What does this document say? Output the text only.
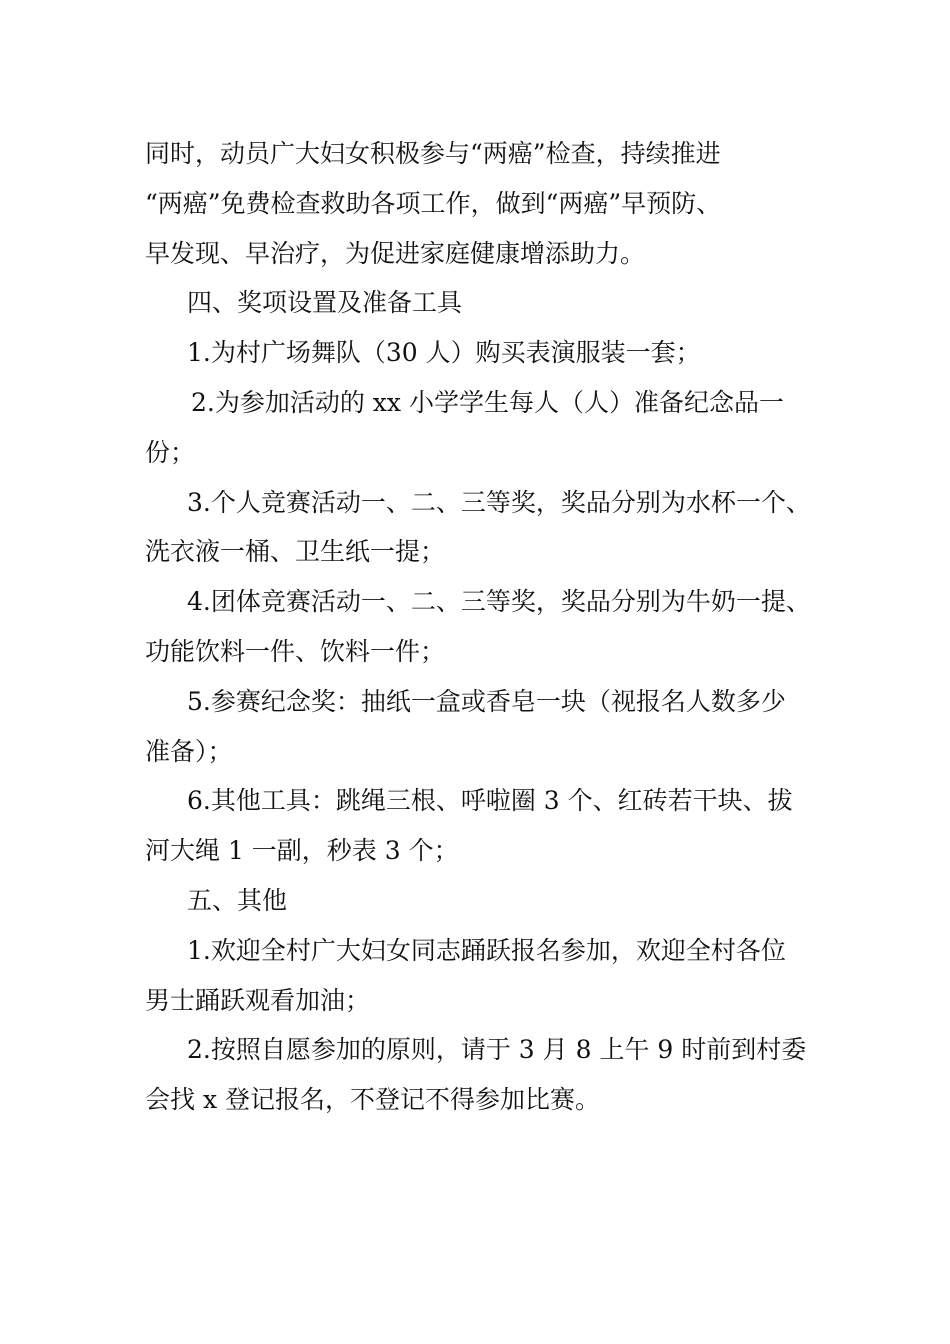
同时，动员广大妇女积极参与“两癌”检查，持续推进

“两癌”免费检查救助各项工作，做到“两癌”早预防、

早发现、早治疗，为促进家庭健康增添助力。

四、奖项设置及准备工具

1.为村广场舞队（30 人）购买表演服装一套；

2.为参加活动的 xx 小学学生每人（人）准备纪念品一

份；

3.个人竞赛活动一、二、三等奖，奖品分别为水杯一个、

洗衣液一桶、卫生纸一提；

4.团体竞赛活动一、二、三等奖，奖品分别为牛奶一提、

功能饮料一件、饮料一件；

5.参赛纪念奖：抽纸一盒或香皂一块（视报名人数多少

准备）；

6.其他工具：跳绳三根、呼啦圈 3 个、红砖若干块、拔

河大绳 1 一副，秒表 3 个；

五、其他

1.欢迎全村广大妇女同志踊跃报名参加，欢迎全村各位

男士踊跃观看加油；

2.按照自愿参加的原则，请于 3 月 8 上午 9 时前到村委

会找 x 登记报名，不登记不得参加比赛。
